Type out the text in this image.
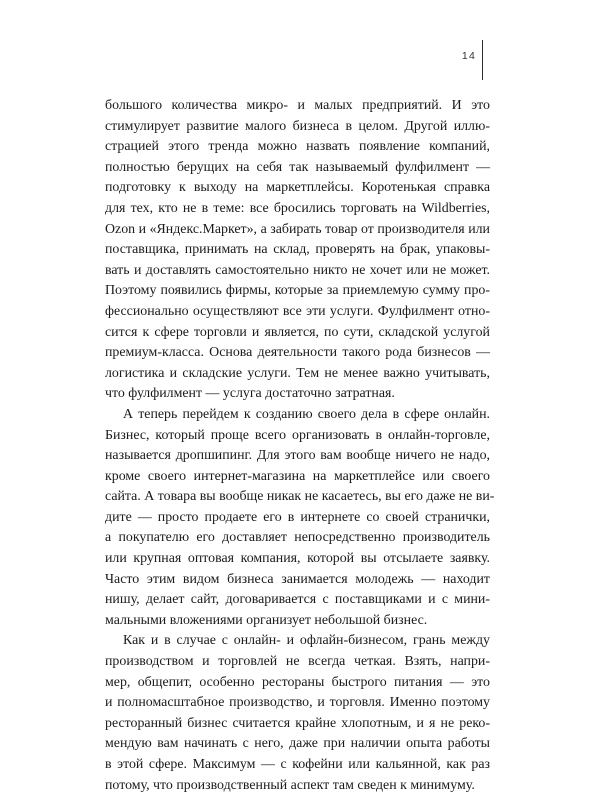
14
большого количества микро- и малых предприятий. И это
стимулирует развитие малого бизнеса в целом. Другой иллю-
страцией этого тренда можно назвать появление компаний,
полностью берущих на себя так называемый фулфилмент —
подготовку к выходу на маркетплейсы. Коротенькая справка
для тех, кто не в теме: все бросились торговать на Wildberries,
Ozon и «Яндекс.Маркет», а забирать товар от производителя или
поставщика, принимать на склад, проверять на брак, упаковы-
вать и доставлять самостоятельно никто не хочет или не может.
Поэтому появились фирмы, которые за приемлемую сумму про-
фессионально осуществляют все эти услуги. Фулфилмент отно-
сится к сфере торговли и является, по сути, складской услугой
премиум-класса. Основа деятельности такого рода бизнесов —
логистика и складские услуги. Тем не менее важно учитывать,
что фулфилмент — услуга достаточно затратная.
А теперь перейдем к созданию своего дела в сфере онлайн.
Бизнес, который проще всего организовать в онлайн-торговле,
называется дропшипинг. Для этого вам вообще ничего не надо,
кроме своего интернет-магазина на маркетплейсе или своего
сайта. А товара вы вообще никак не касаетесь, вы его даже не ви-
дите — просто продаете его в интернете со своей странички,
а покупателю его доставляет непосредственно производитель
или крупная оптовая компания, которой вы отсылаете заявку.
Часто этим видом бизнеса занимается молодежь — находит
нишу, делает сайт, договаривается с поставщиками и с мини-
мальными вложениями организует небольшой бизнес.
Как и в случае с онлайн- и офлайн-бизнесом, грань между
производством и торговлей не всегда четкая. Взять, напри-
мер, общепит, особенно рестораны быстрого питания — это
и полномасштабное производство, и торговля. Именно поэтому
ресторанный бизнес считается крайне хлопотным, и я не реко-
мендую вам начинать с него, даже при наличии опыта работы
в этой сфере. Максимум — с кофейни или кальянной, как раз
потому, что производственный аспект там сведен к минимуму.
